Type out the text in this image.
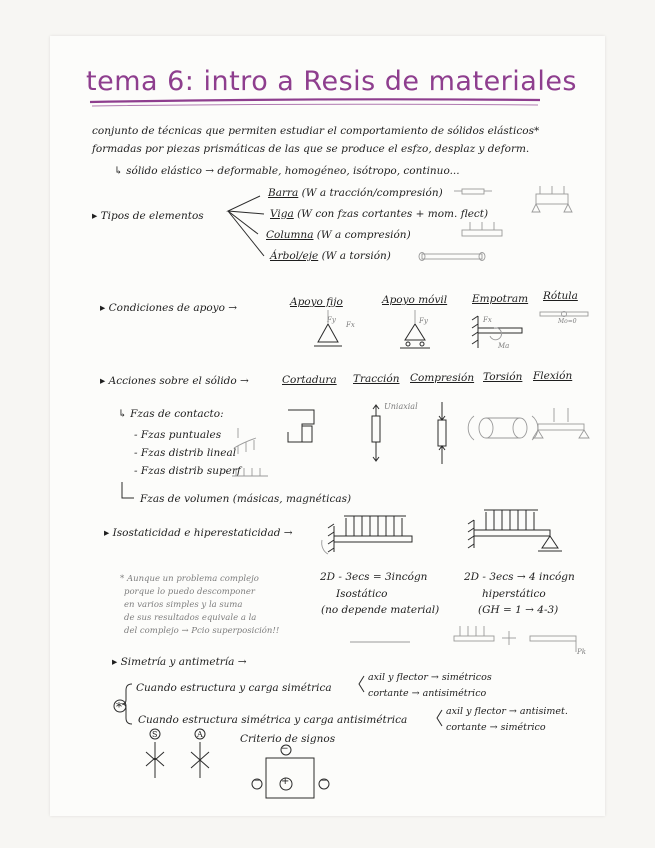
tema 6: intro a Resis de materiales
conjunto de técnicas que permiten estudiar el comportamiento de sólidos elásticos*
formadas por piezas prismáticas de las que se produce el esfzo, desplaz y deform.
↳ sólido elástico → deformable, homogéneo, isótropo, continuo...
▸ Tipos de elementos
Barra (W a tracción/compresión)
Viga (W con fzas cortantes + mom. flect)
Columna (W a compresión)
Árbol/eje (W a torsión)
▸ Condiciones de apoyo →	Apoyo fijo	Apoyo móvil Empotram Rótula
Fy
Fx	Fy	Fx
Ma
Mo=0
▸ Acciones sobre el sólido →	Cortadura Tracción Compresión Torsión Flexión
Uniaxial
↳ Fzas de contacto:
- Fzas puntuales
- Fzas distrib lineal
- Fzas distrib superf
Fzas de volumen (másicas, magnéticas)
▸ Isostaticidad e hiperestaticidad →
* Aunque un problema complejo
porque lo puedo descomponer
en varios simples y la suma
de sus resultados equivale a la
del complejo → Pcio superposición!!
2D - 3ecs = 3incógn
Isostático
(no depende material)
2D - 3ecs → 4 incógn
hiperstático
(GH = 1 → 4-3)
Pk
▸ Simetría y antimetría →
Cuando estructura y carga simétrica
axil y flector → simétricos
cortante → antisimétrico
Cuando estructura simétrica y carga antisimétrica
axil y flector → antisimet.
cortante → simétrico
Criterio de signos
S	A
*
−
− +	−
